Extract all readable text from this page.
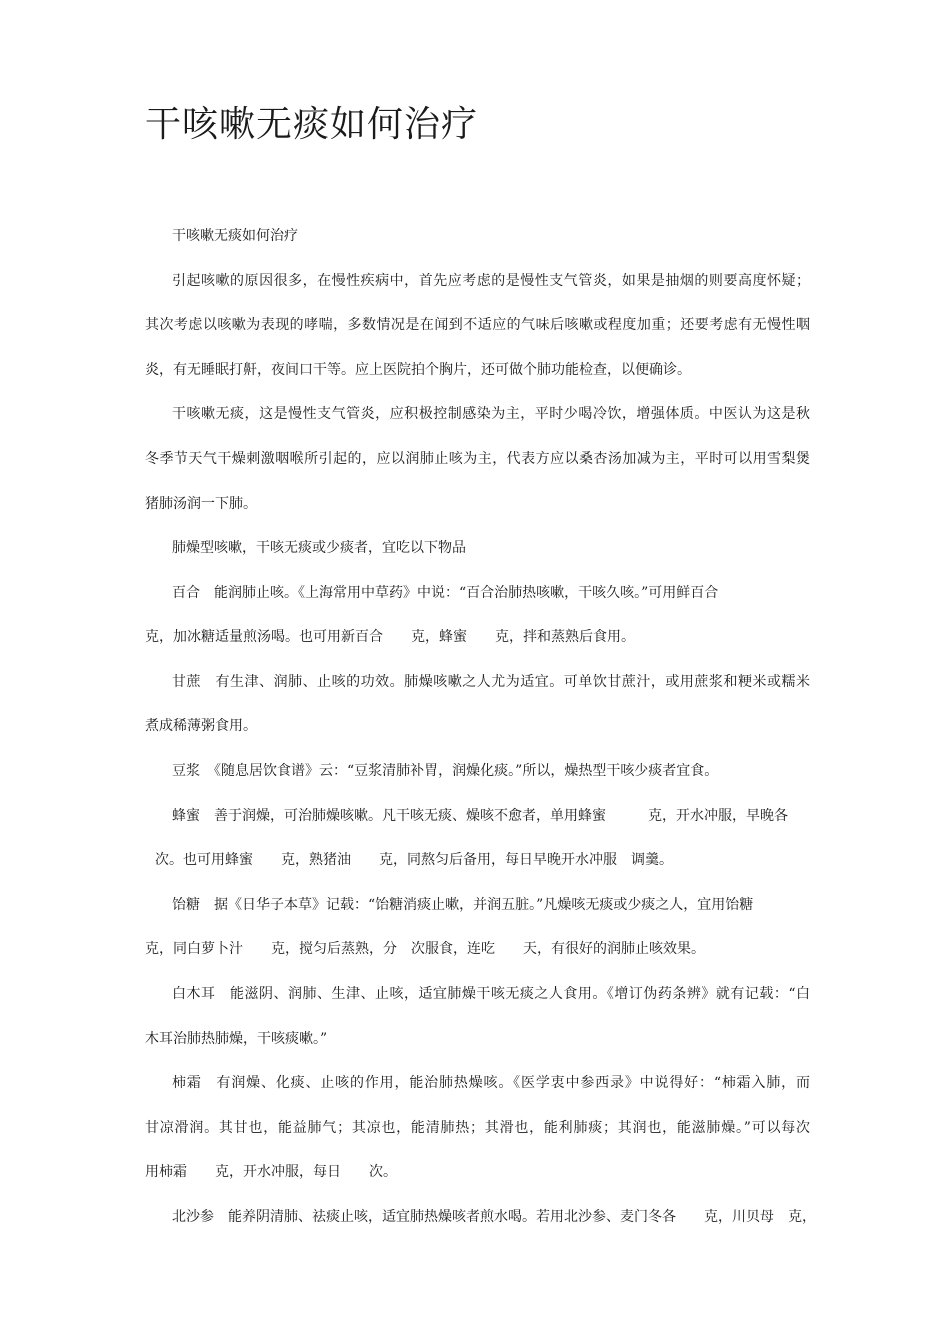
干咳嗽无痰如何治疗

干咳嗽无痰如何治疗

引起咳嗽的原因很多，在慢性疾病中，首先应考虑的是慢性支气管炎，如果是抽烟的则要高度怀疑；

其次考虑以咳嗽为表现的哮喘，多数情况是在闻到不适应的气味后咳嗽或程度加重；还要考虑有无慢性咽

炎，有无睡眠打鼾，夜间口干等。应上医院拍个胸片，还可做个肺功能检查，以便确诊。

干咳嗽无痰，这是慢性支气管炎，应积极控制感染为主，平时少喝冷饮，增强体质。中医认为这是秋

冬季节天气干燥刺激咽喉所引起的，应以润肺止咳为主，代表方应以桑杏汤加减为主，平时可以用雪梨煲

猪肺汤润一下肺。

肺燥型咳嗽，干咳无痰或少痰者，宜吃以下物品

百合　能润肺止咳。《上海常用中草药》中说：“百合治肺热咳嗽，干咳久咳。”可用鲜百合

克，加冰糖适量煎汤喝。也可用新百合　　克，蜂蜜　　克，拌和蒸熟后食用。

甘蔗　有生津、润肺、止咳的功效。肺燥咳嗽之人尤为适宜。可单饮甘蔗汁，或用蔗浆和粳米或糯米

煮成稀薄粥食用。

豆浆　《随息居饮食谱》云：“豆浆清肺补胃，润燥化痰。”所以，燥热型干咳少痰者宜食。

蜂蜜　善于润燥，可治肺燥咳嗽。凡干咳无痰、燥咳不愈者，单用蜂蜜　　　克，开水冲服，早晚各

次。也可用蜂蜜　　克，熟猪油　　克，同熬匀后备用，每日早晚开水冲服　调羹。

饴糖　据《日华子本草》记载：“饴糖消痰止嗽，并润五脏。”凡燥咳无痰或少痰之人，宜用饴糖

克，同白萝卜汁　　克，搅匀后蒸熟，分　次服食，连吃　　天，有很好的润肺止咳效果。

白木耳　能滋阴、润肺、生津、止咳，适宜肺燥干咳无痰之人食用。《增订伪药条辨》就有记载：“白

木耳治肺热肺燥，干咳痰嗽。”

柿霜　有润燥、化痰、止咳的作用，能治肺热燥咳。《医学衷中参西录》中说得好：“柿霜入肺，而

甘凉滑润。其甘也，能益肺气；其凉也，能清肺热；其滑也，能利肺痰；其润也，能滋肺燥。”可以每次

用柿霜　　克，开水冲服，每日　　次。

北沙参　能养阴清肺、祛痰止咳，适宜肺热燥咳者煎水喝。若用北沙参、麦门冬各　　克，川贝母　克，
